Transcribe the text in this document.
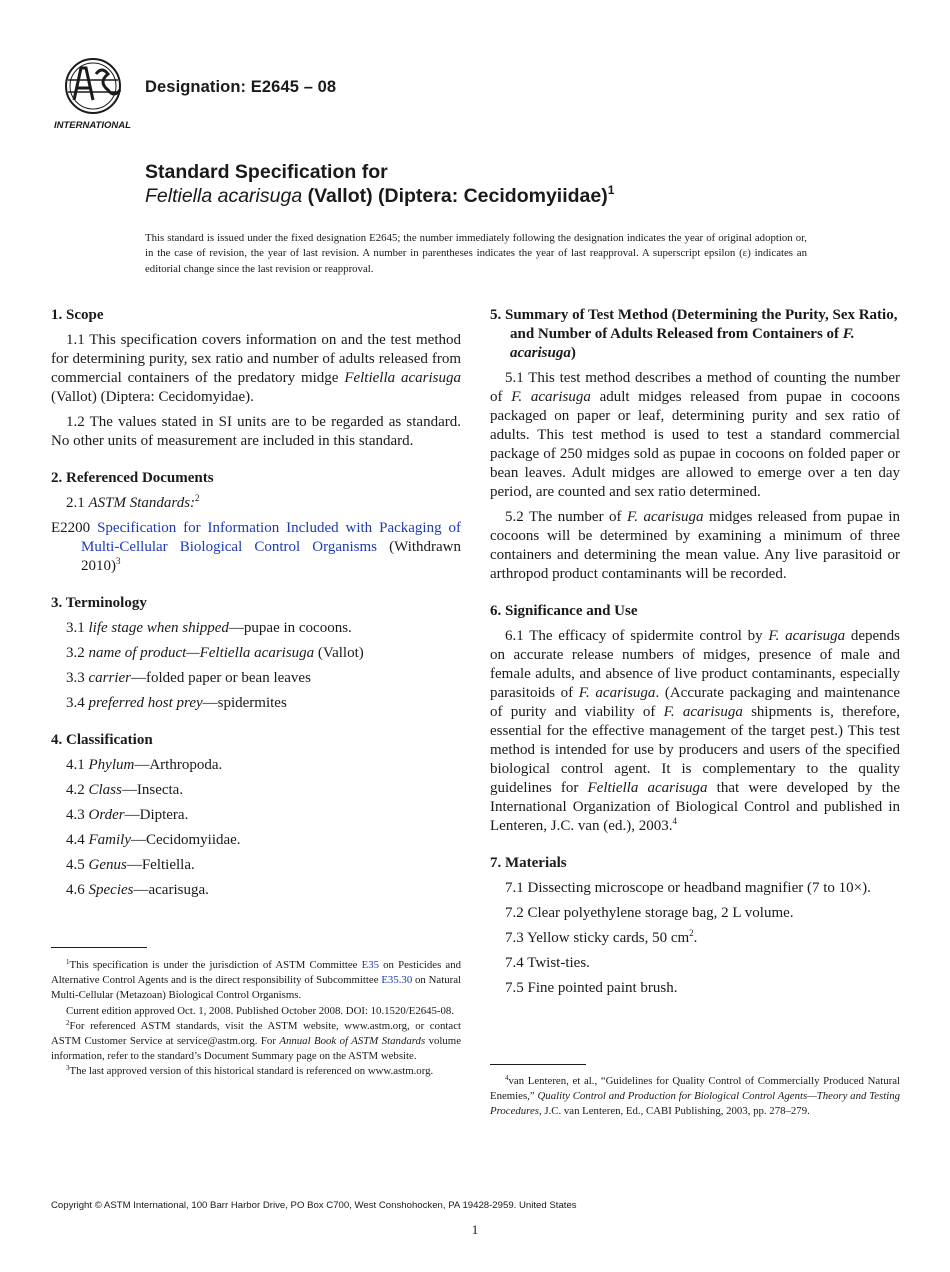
INTERNATIONAL
Designation: E2645 – 08
Standard Specification for
Feltiella acarisuga (Vallot) (Diptera: Cecidomyiidae)$^1$
This standard is issued under the fixed designation E2645; the number immediately following the designation indicates the year of original adoption or, in the case of revision, the year of last revision. A number in parentheses indicates the year of last reapproval. A superscript epsilon (ε) indicates an editorial change since the last revision or reapproval.
1. Scope

1.1 This specification covers information on and the test method for determining purity, sex ratio and number of adults released from commercial containers of the predatory midge Feltiella acarisuga (Vallot) (Diptera: Cecidomyidae).

1.2 The values stated in SI units are to be regarded as standard. No other units of measurement are included in this standard.

2. Referenced Documents

2.1 ASTM Standards:$^2$

E2200 Specification for Information Included with Packaging of Multi-Cellular Biological Control Organisms (Withdrawn 2010)$^3$

3. Terminology
3.1 life stage when shipped—pupae in cocoons.
3.2 name of product—Feltiella acarisuga (Vallot)
3.3 carrier—folded paper or bean leaves
3.4 preferred host prey—spidermites
4. Classification
4.1 Phylum—Arthropoda.
4.2 Class—Insecta.
4.3 Order—Diptera.
4.4 Family—Cecidomyiidae.
4.5 Genus—Feltiella.
4.6 Species—acarisuga.
5. Summary of Test Method (Determining the Purity, Sex Ratio, and Number of Adults Released from Containers of F. acarisuga)

5.1 This test method describes a method of counting the number of F. acarisuga adult midges released from pupae in cocoons packaged on paper or leaf, determining purity and sex ratio of adults. This test method is used to test a standard commercial package of 250 midges sold as pupae in cocoons on folded paper or bean leaves. Adult midges are allowed to emerge over a ten day period, are counted and sex ratio determined.

5.2 The number of F. acarisuga midges released from pupae in cocoons will be determined by examining a minimum of three containers and determining the mean value. Any live parasitoid or arthropod product contaminants will be recorded.

6. Significance and Use

6.1 The efficacy of spidermite control by F. acarisuga depends on accurate release numbers of midges, presence of male and female adults, and absence of live product contaminants, especially parasitoids of F. acarisuga. (Accurate packaging and maintenance of purity and viability of F. acarisuga shipments is, therefore, essential for the effective management of the target pest.) This test method is intended for use by producers and users of the specified biological control agent. It is complementary to the quality guidelines for Feltiella acarisuga that were developed by the International Organization of Biological Control and published in Lenteren, J.C. van (ed.), 2003.$^4$

7. Materials
7.1 Dissecting microscope or headband magnifier (7 to 10×).
7.2 Clear polyethylene storage bag, 2 L volume.
7.3 Yellow sticky cards, 50 cm$^2$.
7.4 Twist-ties.
7.5 Fine pointed paint brush.

$^1$This specification is under the jurisdiction of ASTM Committee E35 on Pesticides and Alternative Control Agents and is the direct responsibility of Subcommittee E35.30 on Natural Multi-Cellular (Metazoan) Biological Control Organisms.

Current edition approved Oct. 1, 2008. Published October 2008. DOI: 10.1520/E2645-08.

$^2$For referenced ASTM standards, visit the ASTM website, www.astm.org, or contact ASTM Customer Service at service@astm.org. For Annual Book of ASTM Standards volume information, refer to the standard’s Document Summary page on the ASTM website.

$^3$The last approved version of this historical standard is referenced on www.astm.org.

$^4$van Lenteren, et al., “Guidelines for Quality Control of Commercially Produced Natural Enemies,” Quality Control and Production for Biological Control Agents—Theory and Testing Procedures, J.C. van Lenteren, Ed., CABI Publishing, 2003, pp. 278–279.

Copyright © ASTM International, 100 Barr Harbor Drive, PO Box C700, West Conshohocken, PA 19428-2959. United States
1
